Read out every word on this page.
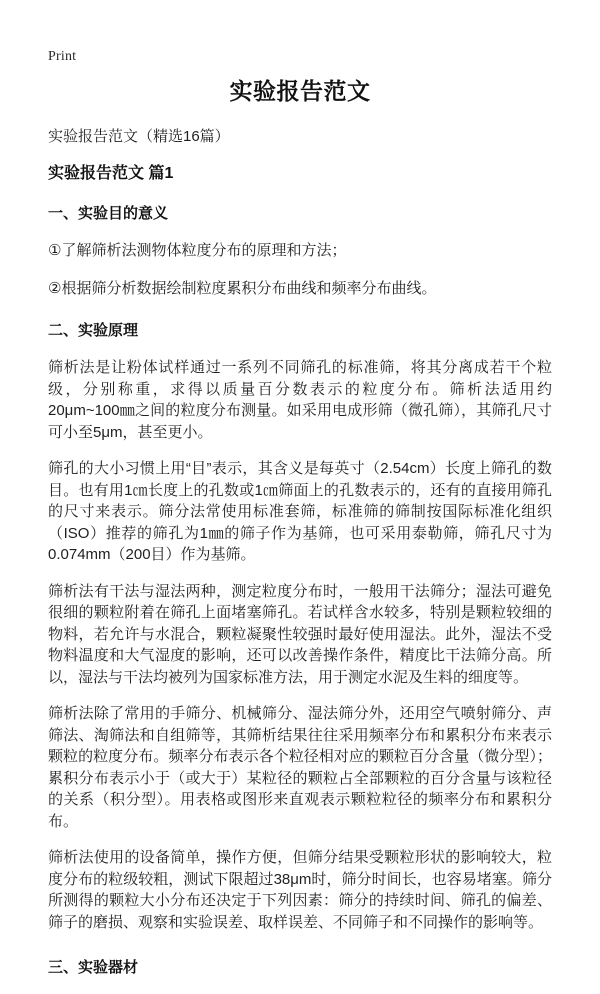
Print
实验报告范文

实验报告范文（精选16篇）

实验报告范文 篇1
一、实验目的意义

①了解筛析法测物体粒度分布的原理和方法；

②根据筛分析数据绘制粒度累积分布曲线和频率分布曲线。

二、实验原理

筛析法是让粉体试样通过一系列不同筛孔的标准筛，将其分离成若干个粒级，分别称重，求得以质量百分数表示的粒度分布。筛析法适用约20μm~100㎜之间的粒度分布测量。如采用电成形筛（微孔筛），其筛孔尺寸可小至5μm，甚至更小。

筛孔的大小习惯上用“目”表示，其含义是每英寸（2.54cm）长度上筛孔的数目。也有用1㎝长度上的孔数或1㎝筛面上的孔数表示的，还有的直接用筛孔的尺寸来表示。筛分法常使用标准套筛，标准筛的筛制按国际标准化组织（ISO）推荐的筛孔为1㎜的筛子作为基筛，也可采用泰勒筛，筛孔尺寸为0.074mm（200目）作为基筛。

筛析法有干法与湿法两种，测定粒度分布时，一般用干法筛分；湿法可避免很细的颗粒附着在筛孔上面堵塞筛孔。若试样含水较多，特别是颗粒较细的物料，若允许与水混合，颗粒凝聚性较强时最好使用湿法。此外，湿法不受物料温度和大气湿度的影响，还可以改善操作条件，精度比干法筛分高。所以，湿法与干法均被列为国家标准方法，用于测定水泥及生料的细度等。

筛析法除了常用的手筛分、机械筛分、湿法筛分外，还用空气喷射筛分、声筛法、淘筛法和自组筛等，其筛析结果往往采用频率分布和累积分布来表示颗粒的粒度分布。频率分布表示各个粒径相对应的颗粒百分含量（微分型）；累积分布表示小于（或大于）某粒径的颗粒占全部颗粒的百分含量与该粒径的关系（积分型）。用表格或图形来直观表示颗粒粒径的频率分布和累积分布。

筛析法使用的设备简单，操作方便，但筛分结果受颗粒形状的影响较大，粒度分布的粒级较粗，测试下限超过38μm时，筛分时间长，也容易堵塞。筛分所测得的颗粒大小分布还决定于下列因素：筛分的持续时间、筛孔的偏差、筛子的磨损、观察和实验误差、取样误差、不同筛子和不同操作的影响等。

三、实验器材
